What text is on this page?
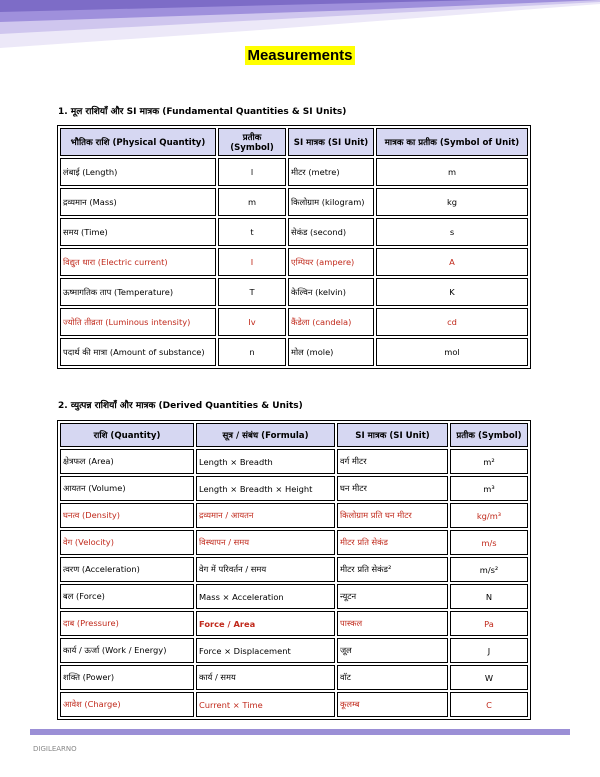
Measurements
1. मूल राशियाँ और SI मात्रक (Fundamental Quantities & SI Units)
भौतिक राशि (Physical Quantity)	प्रतीक (Symbol)	SI मात्रक (SI Unit)	मात्रक का प्रतीक (Symbol of Unit)
लंबाई (Length)	l	मीटर (metre)	m
द्रव्यमान (Mass)	m	किलोग्राम (kilogram)	kg
समय (Time)	t	सेकंड (second)	s
विद्युत धारा (Electric current)	I	एम्पियर (ampere)	A
ऊष्मागतिक ताप (Temperature)	T	केल्विन (kelvin)	K
ज्योति तीव्रता (Luminous intensity)	Iv	कैंडेला (candela)	cd
पदार्थ की मात्रा (Amount of substance)	n	मोल (mole)	mol
2. व्युत्पन्न राशियाँ और मात्रक (Derived Quantities & Units)
राशि (Quantity)	सूत्र / संबंध (Formula)	SI मात्रक (SI Unit)	प्रतीक (Symbol)
क्षेत्रफल (Area)	Length × Breadth	वर्ग मीटर	m²
आयतन (Volume)	Length × Breadth × Height	घन मीटर	m³
घनत्व (Density)	द्रव्यमान / आयतन	किलोग्राम प्रति घन मीटर	kg/m³
वेग (Velocity)	विस्थापन / समय	मीटर प्रति सेकंड	m/s
त्वरण (Acceleration)	वेग में परिवर्तन / समय	मीटर प्रति सेकंड²	m/s²
बल (Force)	Mass × Acceleration	न्यूटन	N
दाब (Pressure)	Force / Area	पास्कल	Pa
कार्य / ऊर्जा (Work / Energy)	Force × Displacement	जूल	J
शक्ति (Power)	कार्य / समय	वॉट	W
आवेश (Charge)	Current × Time	कूलम्ब	C
DIGILEARNO
